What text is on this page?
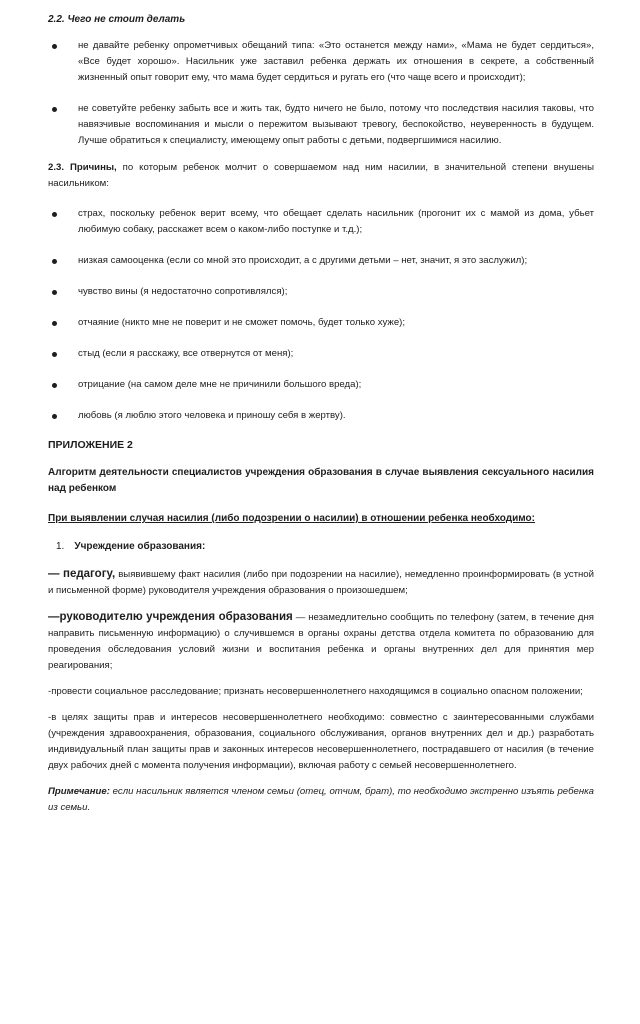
2.2. Чего не стоит делать
не давайте ребенку опрометчивых обещаний типа: «Это останется между нами», «Мама не будет сердиться», «Все будет хорошо». Насильник уже заставил ребенка держать их отношения в секрете, а собственный жизненный опыт говорит ему, что мама будет сердиться и ругать его (что чаще всего и происходит);
не советуйте ребенку забыть все и жить так, будто ничего не было, потому что последствия насилия таковы, что навязчивые воспоминания и мысли о пережитом вызывают тревогу, беспокойство, неуверенность в будущем. Лучше обратиться к специалисту, имеющему опыт работы с детьми, подвергшимися насилию.
2.3. Причины, по которым ребенок молчит о совершаемом над ним насилии, в значительной степени внушены насильником:
страх, поскольку ребенок верит всему, что обещает сделать насильник (прогонит их с мамой из дома, убьет любимую собаку, расскажет всем о каком-либо поступке и т.д.);
низкая самооценка (если со мной это происходит, а с другими детьми – нет, значит, я это заслужил);
чувство вины (я недостаточно сопротивлялся);
отчаяние (никто мне не поверит и не сможет помочь, будет только хуже);
стыд (если я расскажу, все отвернутся от меня);
отрицание (на самом деле мне не причинили большого вреда);
любовь (я люблю этого человека и приношу себя в жертву).
ПРИЛОЖЕНИЕ 2
Алгоритм деятельности специалистов учреждения образования в случае выявления сексуального насилия над ребенком
При выявлении случая насилия (либо подозрении о насилии) в отношении ребенка необходимо:
1. Учреждение образования:
— педагогу, выявившему факт насилия (либо при подозрении на насилие), немедленно проинформировать (в устной и письменной форме) руководителя учреждения образования о произошедшем;
—руководителю учреждения образования — незамедлительно сообщить по телефону (затем, в течение дня направить письменную информацию) о случившемся в органы охраны детства отдела комитета по образованию для проведения обследования условий жизни и воспитания ребенка и органы внутренних дел для принятия мер реагирования;
-провести социальное расследование; признать несовершеннолетнего находящимся в социально опасном положении;
-в целях защиты прав и интересов несовершеннолетнего необходимо: совместно с заинтересованными службами (учреждения здравоохранения, образования, социального обслуживания, органов внутренних дел и др.) разработать индивидуальный план защиты прав и законных интересов несовершеннолетнего, пострадавшего от насилия (в течение двух рабочих дней с момента получения информации), включая работу с семьей несовершеннолетнего.
Примечание: если насильник является членом семьи (отец, отчим, брат), то необходимо экстренно изъять ребенка из семьи.
